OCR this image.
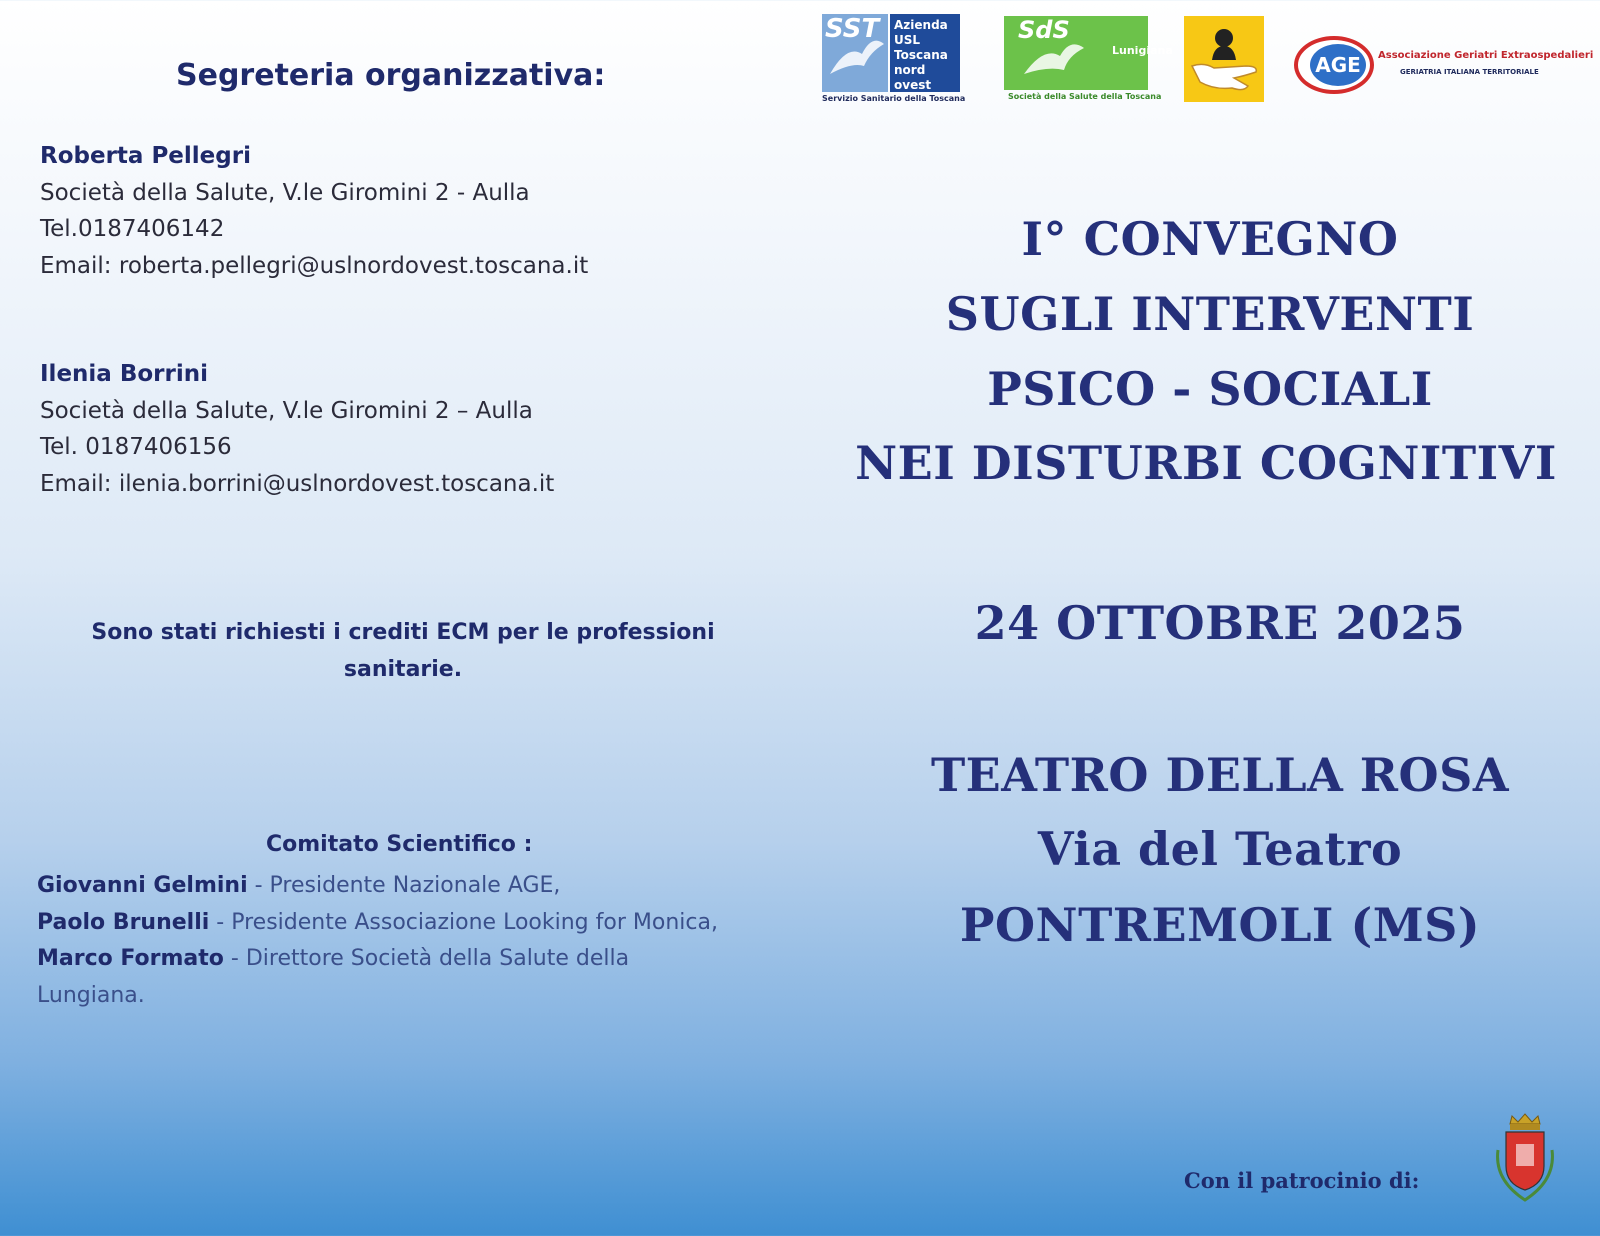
SST Azienda
USL
Toscana
nord ovest
Servizio Sanitario della Toscana
SdS
Lunigiana
Società della Salute della Toscana
AGE	Associazione Geriatri Extraospedalieri
GERIATRIA ITALIANA TERRITORIALE
Segreteria organizzativa:
Roberta Pellegri
Società della Salute, V.le Giromini 2 - Aulla
Tel.0187406142
Email: roberta.pellegri@uslnordovest.toscana.it
Ilenia Borrini
Società della Salute, V.le Giromini 2 – Aulla
Tel. 0187406156
Email: ilenia.borrini@uslnordovest.toscana.it
Sono stati richiesti i crediti ECM per le professioni
sanitarie.
Comitato Scientifico :
Giovanni Gelmini - Presidente Nazionale AGE,
Paolo Brunelli - Presidente Associazione Looking for Monica,
Marco Formato - Direttore Società della Salute della
Lungiana.
I° CONVEGNO
SUGLI INTERVENTI
PSICO - SOCIALI
NEI DISTURBI COGNITIVI
24 OTTOBRE 2025
TEATRO DELLA ROSA
Via del Teatro
PONTREMOLI (MS)
Con il patrocinio di:
